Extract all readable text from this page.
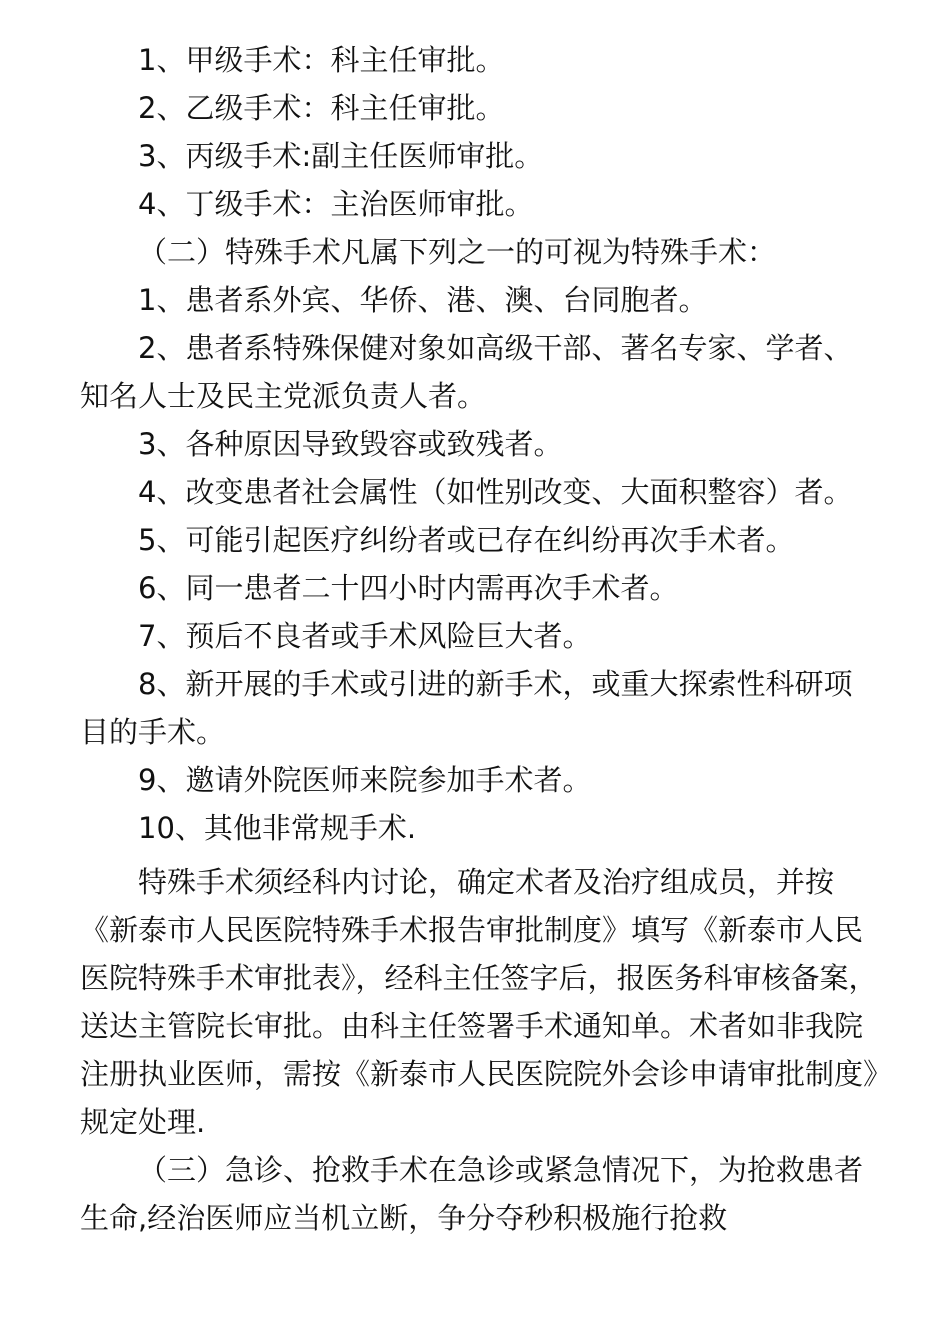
1、甲级手术：科主任审批。

2、乙级手术：科主任审批。

3、丙级手术:副主任医师审批。

4、丁级手术：主治医师审批。

（二）特殊手术凡属下列之一的可视为特殊手术：

1、患者系外宾、华侨、港、澳、台同胞者。

2、患者系特殊保健对象如高级干部、著名专家、学者、知名人士及民主党派负责人者。

3、各种原因导致毁容或致残者。

4、改变患者社会属性（如性别改变、大面积整容）者。

5、可能引起医疗纠纷者或已存在纠纷再次手术者。

6、同一患者二十四小时内需再次手术者。

7、预后不良者或手术风险巨大者。

8、新开展的手术或引进的新手术，或重大探索性科研项目的手术。

9、邀请外院医师来院参加手术者。

10、其他非常规手术.

特殊手术须经科内讨论，确定术者及治疗组成员，并按《新泰市人民医院特殊手术报告审批制度》填写《新泰市人民医院特殊手术审批表》，经科主任签字后，报医务科审核备案，送达主管院长审批。由科主任签署手术通知单。术者如非我院注册执业医师，需按《新泰市人民医院院外会诊申请审批制度》规定处理.

（三）急诊、抢救手术在急诊或紧急情况下，为抢救患者生命,经治医师应当机立断，争分夺秒积极施行抢救
